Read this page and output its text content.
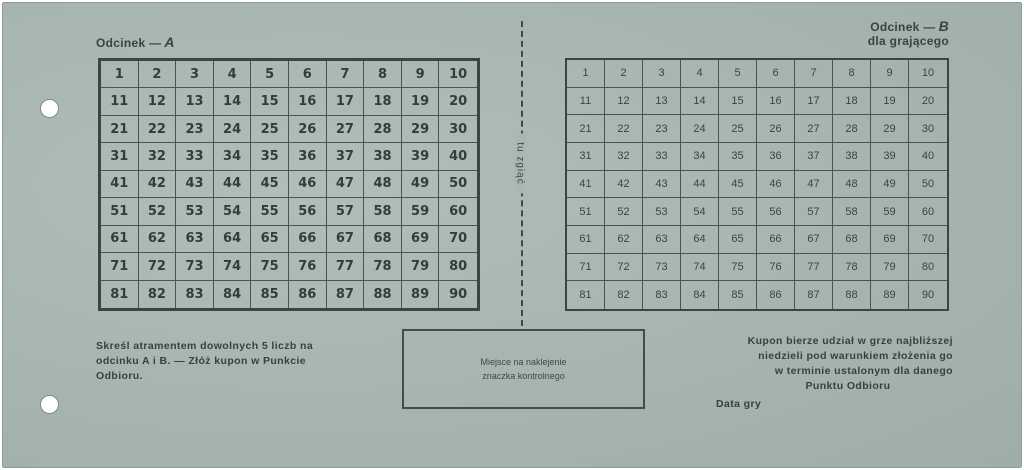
Odcinek — A
1	2	3	4	5	6	7	8	9	10
11	12	13	14	15	16	17	18	19	20
21	22	23	24	25	26	27	28	29	30
31	32	33	34	35	36	37	38	39	40
41	42	43	44	45	46	47	48	49	50
51	52	53	54	55	56	57	58	59	60
61	62	63	64	65	66	67	68	69	70
71	72	73	74	75	76	77	78	79	80
81	82	83	84	85	86	87	88	89	90
tu zgiąć
Odcinek — B
dla grającego
1	2	3	4	5	6	7	8	9	10
11	12	13	14	15	16	17	18	19	20
21	22	23	24	25	26	27	28	29	30
31	32	33	34	35	36	37	38	39	40
41	42	43	44	45	46	47	48	49	50
51	52	53	54	55	56	57	58	59	60
61	62	63	64	65	66	67	68	69	70
71	72	73	74	75	76	77	78	79	80
81	82	83	84	85	86	87	88	89	90
Skreśl atramentem dowolnych 5 liczb na
odcinku A i B. — Złóż kupon w Punkcie
Odbioru.
Miejsce na naklejenie
znaczka kontrolnego
Kupon bierze udział w grze najbliższej
niedzieli pod warunkiem złożenia go
w terminie ustalonym dla danego
Punktu Odbioru
Data gry
